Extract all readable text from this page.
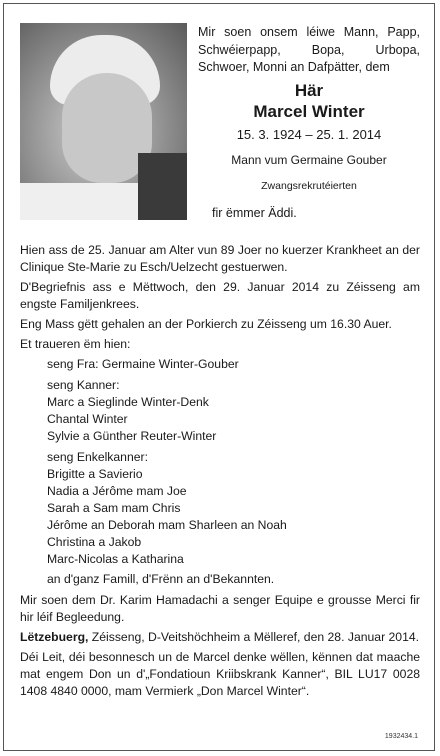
Mir soen onsem léiwe Mann, Papp,
Schwéierpapp, Bopa, Urbopa,
Schwoer, Monni an Dafpätter, dem
Här
Marcel Winter
15. 3. 1924 – 25. 1. 2014
Mann vum Germaine Gouber
Zwangsrekrutéierten
fir ëmmer Äddi.

Hien ass de 25. Januar am Alter vun 89 Joer no kuerzer Krankheet an der Clinique Ste-Marie zu Esch/Uelzecht gestuerwen.

D'Begriefnis ass e Mëttwoch, den 29. Januar 2014 zu Zéisseng am engste Familjenkrees.

Eng Mass gëtt gehalen an der Porkierch zu Zéisseng um 16.30 Auer.

Et traueren ëm hien:

seng Fra: Germaine Winter-Gouber
seng Kanner:
Marc a Sieglinde Winter-Denk
Chantal Winter
Sylvie a Günther Reuter-Winter
seng Enkelkanner:
Brigitte a Savierio
Nadia a Jérôme mam Joe
Sarah a Sam mam Chris
Jérôme an Deborah mam Sharleen an Noah
Christina a Jakob
Marc-Nicolas a Katharina
an d'ganz Famill, d'Frënn an d'Bekannten.

Mir soen dem Dr. Karim Hamadachi a senger Equipe e grousse Merci fir hir léif Begleedung.

Lëtzebuerg, Zéisseng, D-Veitshöchheim a Mëlleref, den 28. Januar 2014.

Déi Leit, déi besonnesch un de Marcel denke wëllen, kënnen dat maache mat engem Don un d'„Fondatioun Kriibskrank Kanner“, BIL LU17 0028 1408 4840 0000, mam Vermierk „Don Marcel Winter“.

1932434.1
